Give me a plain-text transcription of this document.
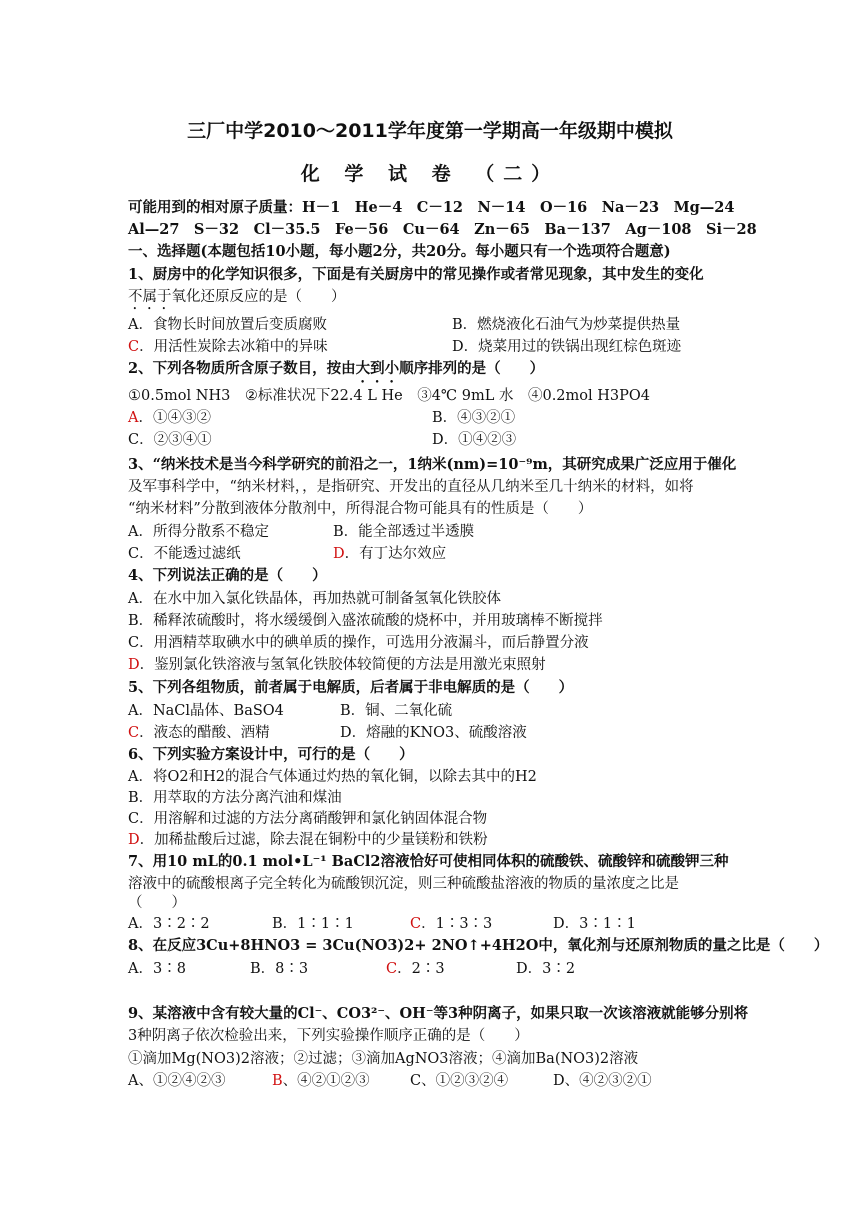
三厂中学2010～2011学年度第一学期高一年级期中模拟
化 学 试 卷 （二）
可能用到的相对原子质量：H－1　He－4　C－12　N－14　O－16　Na－23　Mg—24
Al—27　S－32　Cl－35.5　Fe－56　Cu－64　Zn－65　Ba－137　Ag－108　Si－28
一、选择题(本题包括10小题，每小题2分，共20分。每小题只有一个选项符合题意)
1、厨房中的化学知识很多，下面是有关厨房中的常见操作或者常见现象，其中发生的变化
不属于氧化还原反应的是（　　）
A．食物长时间放置后变质腐败	B．燃烧液化石油气为炒菜提供热量
C．用活性炭除去冰箱中的异味	D．烧菜用过的铁锅出现红棕色斑迹
2、下列各物质所含原子数目，按由大到小顺序排列的是（　　）
①0.5mol NH3　②标准状况下22.4 L He　③4℃ 9mL 水　④0.2mol H3PO4
A．①④③②	B．④③②①
C．②③④①	D．①④②③
3、“纳米技术是当今科学研究的前沿之一，1纳米(nm)=10⁻⁹m，其研究成果广泛应用于催化
及军事科学中，“纳米材料，，是指研究、开发出的直径从几纳米至几十纳米的材料，如将
“纳米材料”分散到液体分散剂中，所得混合物可能具有的性质是（　　）
A．所得分散系不稳定	B．能全部透过半透膜
C．不能透过滤纸	D．有丁达尔效应
4、下列说法正确的是（　　）
A．在水中加入氯化铁晶体，再加热就可制备氢氧化铁胶体
B．稀释浓硫酸时，将水缓缓倒入盛浓硫酸的烧杯中，并用玻璃棒不断搅拌
C．用酒精萃取碘水中的碘单质的操作，可选用分液漏斗，而后静置分液
D．鉴别氯化铁溶液与氢氧化铁胶体较简便的方法是用激光束照射
5、下列各组物质，前者属于电解质，后者属于非电解质的是（　　）
A．NaCl晶体、BaSO4	B．铜、二氧化硫
C．液态的醋酸、酒精	D．熔融的KNO3、硫酸溶液
6、下列实验方案设计中，可行的是（　　）
A．将O2和H2的混合气体通过灼热的氧化铜，以除去其中的H2
B．用萃取的方法分离汽油和煤油
C．用溶解和过滤的方法分离硝酸钾和氯化钠固体混合物
D．加稀盐酸后过滤，除去混在铜粉中的少量镁粉和铁粉
7、用10 mL的0.1 mol•L⁻¹ BaCl2溶液恰好可使相同体积的硫酸铁、硫酸锌和硫酸钾三种
溶液中的硫酸根离子完全转化为硫酸钡沉淀，则三种硫酸盐溶液的物质的量浓度之比是
（　　）
A．3∶2∶2	B．1∶1∶1	C．1∶3∶3	D．3∶1∶1
8、在反应3Cu+8HNO3 = 3Cu(NO3)2+ 2NO↑+4H2O中，氧化剂与还原剂物质的量之比是（　　）
A．3∶8	B．8∶3	C．2∶3	D．3∶2
9、某溶液中含有较大量的Cl⁻、CO3²⁻、OH⁻等3种阴离子，如果只取一次该溶液就能够分别将
3种阴离子依次检验出来，下列实验操作顺序正确的是（　　）
①滴加Mg(NO3)2溶液；②过滤；③滴加AgNO3溶液；④滴加Ba(NO3)2溶液
A、①②④②③	B、④②①②③	C、①②③②④	D、④②③②①
